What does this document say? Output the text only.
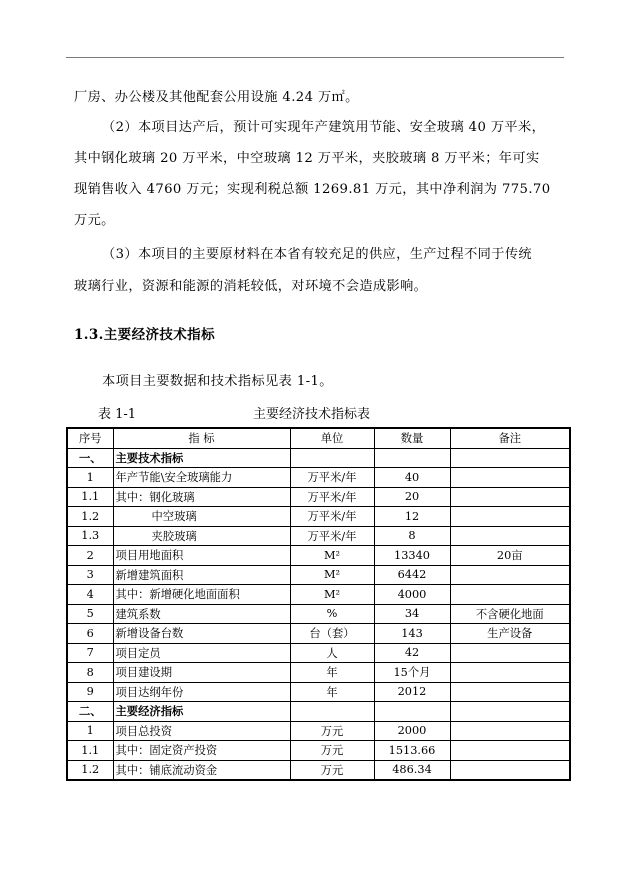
厂房、办公楼及其他配套公用设施 4.24 万㎡。
（2）本项目达产后，预计可实现年产建筑用节能、安全玻璃 40 万平米，
其中钢化玻璃 20 万平米，中空玻璃 12 万平米，夹胶玻璃 8 万平米；年可实
现销售收入 4760 万元；实现利税总额 1269.81 万元，其中净利润为 775.70
万元。
（3）本项目的主要原材料在本省有较充足的供应，生产过程不同于传统
玻璃行业，资源和能源的消耗较低，对环境不会造成影响。
1.3.主要经济技术指标
本项目主要数据和技术指标见表 1-1。
表 1-1	主要经济技术指标表
序号	指 标	单位	数量	备注
一、	主要技术指标			
1	年产节能\安全玻璃能力	万平米/年	40	
1.1	其中：钢化玻璃	万平米/年	20	
1.2	中空玻璃	万平米/年	12	
1.3	夹胶玻璃	万平米/年	8	
2	项目用地面积	M²	13340	20亩
3	新增建筑面积	M²	6442	
4	其中：新增硬化地面面积	M²	4000	
5	建筑系数	%	34	不含硬化地面
6	新增设备台数	台（套）	143	生产设备
7	项目定员	人	42	
8	项目建设期	年	15个月	
9	项目达纲年份	年	2012	
二、	主要经济指标			
1	项目总投资	万元	2000	
1.1	其中：固定资产投资	万元	1513.66	
1.2	其中：铺底流动资金	万元	486.34	
